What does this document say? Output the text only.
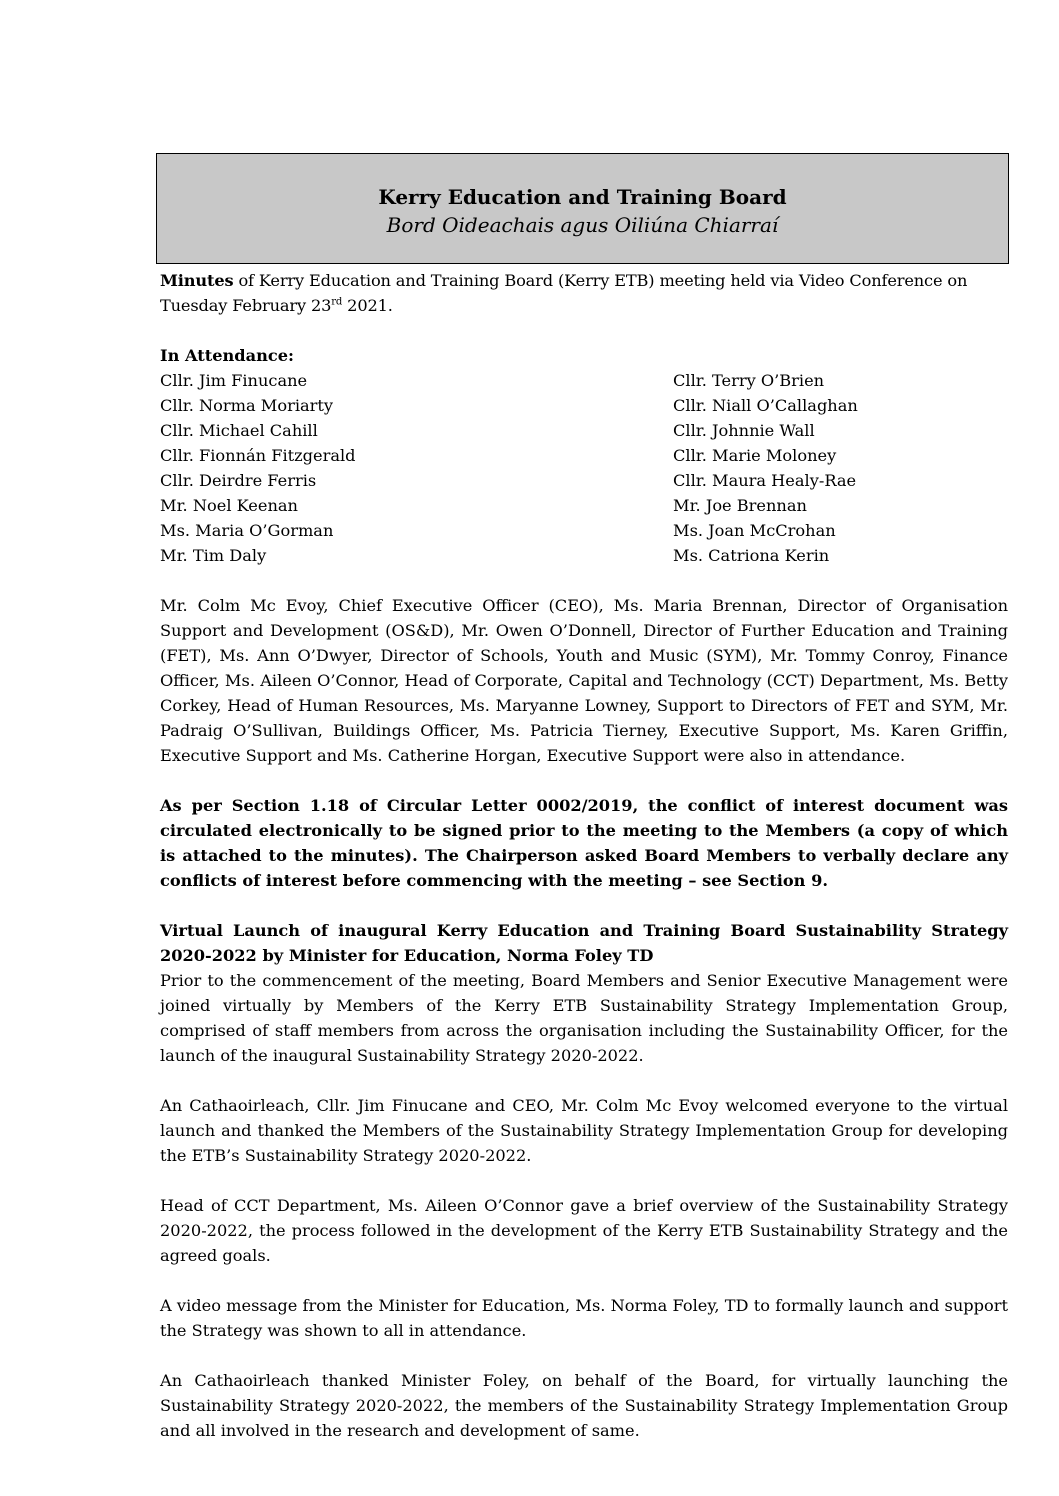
Kerry Education and Training Board
Bord Oideachais agus Oiliúna Chiarraí

Minutes of Kerry Education and Training Board (Kerry ETB) meeting held via Video Conference on Tuesday February 23rd 2021.

In Attendance:

Cllr. Jim Finucane
Cllr. Norma Moriarty
Cllr. Michael Cahill
Cllr. Fionnán Fitzgerald
Cllr. Deirdre Ferris
Mr. Noel Keenan
Ms. Maria O’Gorman
Mr. Tim Daly
Cllr. Terry O’Brien
Cllr. Niall O’Callaghan
Cllr. Johnnie Wall
Cllr. Marie Moloney
Cllr. Maura Healy-Rae
Mr. Joe Brennan
Ms. Joan McCrohan
Ms. Catriona Kerin

Mr. Colm Mc Evoy, Chief Executive Officer (CEO), Ms. Maria Brennan, Director of Organisation Support and Development (OS&D), Mr. Owen O’Donnell, Director of Further Education and Training (FET), Ms. Ann O’Dwyer, Director of Schools, Youth and Music (SYM), Mr. Tommy Conroy, Finance Officer, Ms. Aileen O’Connor, Head of Corporate, Capital and Technology (CCT) Department, Ms. Betty Corkey, Head of Human Resources, Ms. Maryanne Lowney, Support to Directors of FET and SYM, Mr. Padraig O’Sullivan, Buildings Officer, Ms. Patricia Tierney, Executive Support, Ms. Karen Griffin, Executive Support and Ms. Catherine Horgan, Executive Support were also in attendance.

As per Section 1.18 of Circular Letter 0002/2019, the conflict of interest document was circulated electronically to be signed prior to the meeting to the Members (a copy of which is attached to the minutes). The Chairperson asked Board Members to verbally declare any conflicts of interest before commencing with the meeting – see Section 9.

Virtual Launch of inaugural Kerry Education and Training Board Sustainability Strategy 2020-2022 by Minister for Education, Norma Foley TD

Prior to the commencement of the meeting, Board Members and Senior Executive Management were joined virtually by Members of the Kerry ETB Sustainability Strategy Implementation Group, comprised of staff members from across the organisation including the Sustainability Officer, for the launch of the inaugural Sustainability Strategy 2020-2022.

An Cathaoirleach, Cllr. Jim Finucane and CEO, Mr. Colm Mc Evoy welcomed everyone to the virtual launch and thanked the Members of the Sustainability Strategy Implementation Group for developing the ETB’s Sustainability Strategy 2020-2022.

Head of CCT Department, Ms. Aileen O’Connor gave a brief overview of the Sustainability Strategy 2020-2022, the process followed in the development of the Kerry ETB Sustainability Strategy and the agreed goals.

A video message from the Minister for Education, Ms. Norma Foley, TD to formally launch and support the Strategy was shown to all in attendance.

An Cathaoirleach thanked Minister Foley, on behalf of the Board, for virtually launching the Sustainability Strategy 2020-2022, the members of the Sustainability Strategy Implementation Group and all involved in the research and development of same.
